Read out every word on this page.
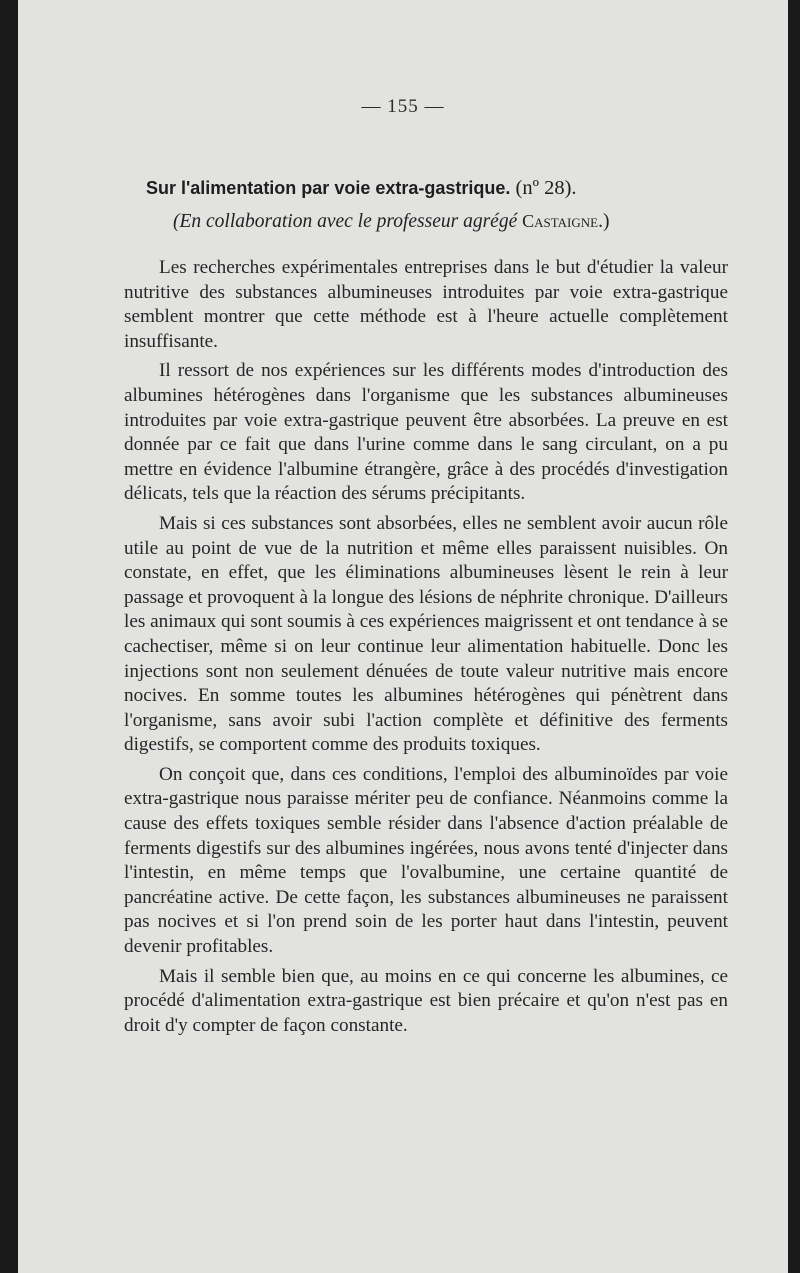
— 155 —
Sur l'alimentation par voie extra-gastrique. (nº 28).
(En collaboration avec le professeur agrégé Castaigne.)

Les recherches expérimentales entreprises dans le but d'étudier la valeur nutritive des substances albumineuses introduites par voie extra-gastrique semblent montrer que cette méthode est à l'heure actuelle complètement insuffisante.

Il ressort de nos expériences sur les différents modes d'introduction des albumines hétérogènes dans l'organisme que les substances albumineuses introduites par voie extra-gastrique peuvent être absorbées. La preuve en est donnée par ce fait que dans l'urine comme dans le sang circulant, on a pu mettre en évidence l'albumine étrangère, grâce à des procédés d'investigation délicats, tels que la réaction des sérums précipitants.

Mais si ces substances sont absorbées, elles ne semblent avoir aucun rôle utile au point de vue de la nutrition et même elles paraissent nuisibles. On constate, en effet, que les éliminations albumineuses lèsent le rein à leur passage et provoquent à la longue des lésions de néphrite chronique. D'ailleurs les animaux qui sont soumis à ces expériences maigrissent et ont tendance à se cachectiser, même si on leur continue leur alimentation habituelle. Donc les injections sont non seulement dénuées de toute valeur nutritive mais encore nocives. En somme toutes les albumines hétérogènes qui pénètrent dans l'organisme, sans avoir subi l'action complète et définitive des ferments digestifs, se comportent comme des produits toxiques.

On conçoit que, dans ces conditions, l'emploi des albuminoïdes par voie extra-gastrique nous paraisse mériter peu de confiance. Néanmoins comme la cause des effets toxiques semble résider dans l'absence d'action préalable de ferments digestifs sur des albumines ingérées, nous avons tenté d'injecter dans l'intestin, en même temps que l'ovalbumine, une certaine quantité de pancréatine active. De cette façon, les substances albumineuses ne paraissent pas nocives et si l'on prend soin de les porter haut dans l'intestin, peuvent devenir profitables.

Mais il semble bien que, au moins en ce qui concerne les albumines, ce procédé d'alimentation extra-gastrique est bien précaire et qu'on n'est pas en droit d'y compter de façon constante.
